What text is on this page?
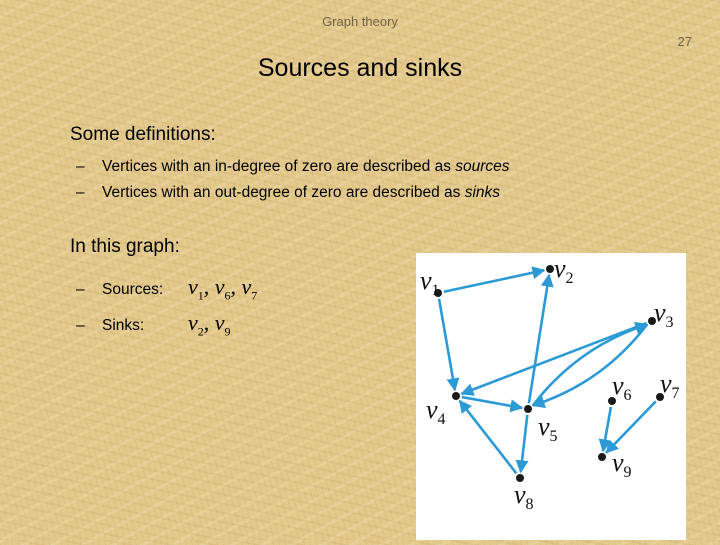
Graph theory
27
Sources and sinks
Some definitions:
– Vertices with an in-degree of zero are described as sources
– Vertices with an out-degree of zero are described as sinks
In this graph:
– Sources: $v_1$, $v_6$, $v_7$
– Sinks: $v_2$, $v_9$
$v_1$
$v_2$
$v_3$
$v_4$	$v_5$
$v_6$ $v_7$
$v_8$
$v_9$
